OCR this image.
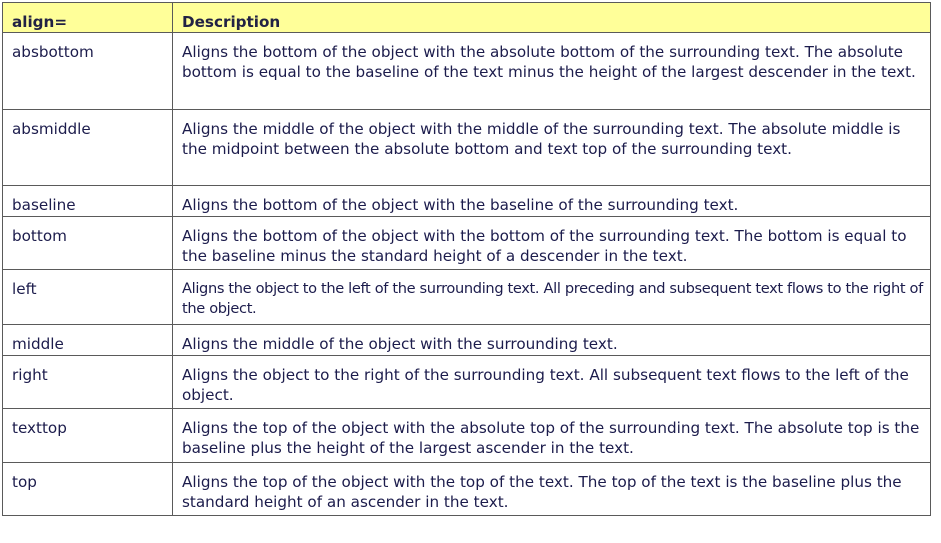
align=	Description
absbottom	Aligns the bottom of the object with the absolute bottom of the surrounding text. The absolute bottom is equal to the baseline of the text minus the height of the largest descender in the text.
absmiddle	Aligns the middle of the object with the middle of the surrounding text. The absolute middle is the midpoint between the absolute bottom and text top of the surrounding text.
baseline	Aligns the bottom of the object with the baseline of the surrounding text.
bottom	Aligns the bottom of the object with the bottom of the surrounding text. The bottom is equal to the baseline minus the standard height of a descender in the text.
left	Aligns the object to the left of the surrounding text. All preceding and subsequent text flows to the right of the object.
middle	Aligns the middle of the object with the surrounding text.
right	Aligns the object to the right of the surrounding text. All subsequent text flows to the left of the object.
texttop	Aligns the top of the object with the absolute top of the surrounding text. The absolute top is the baseline plus the height of the largest ascender in the text.
top	Aligns the top of the object with the top of the text. The top of the text is the baseline plus the standard height of an ascender in the text.
